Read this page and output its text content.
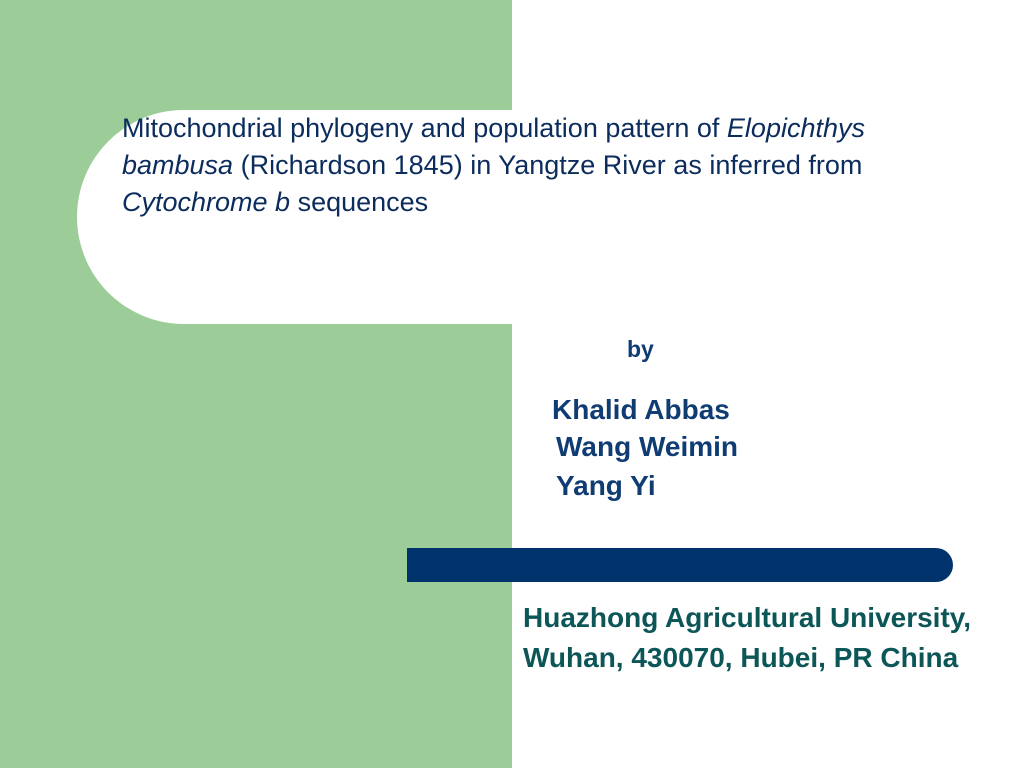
Mitochondrial phylogeny and population pattern of Elopichthys bambusa (Richardson 1845) in Yangtze River as inferred from Cytochrome b sequences
by
Khalid Abbas
Wang Weimin
Yang Yi

Huazhong Agricultural University, Wuhan, 430070, Hubei, PR China
